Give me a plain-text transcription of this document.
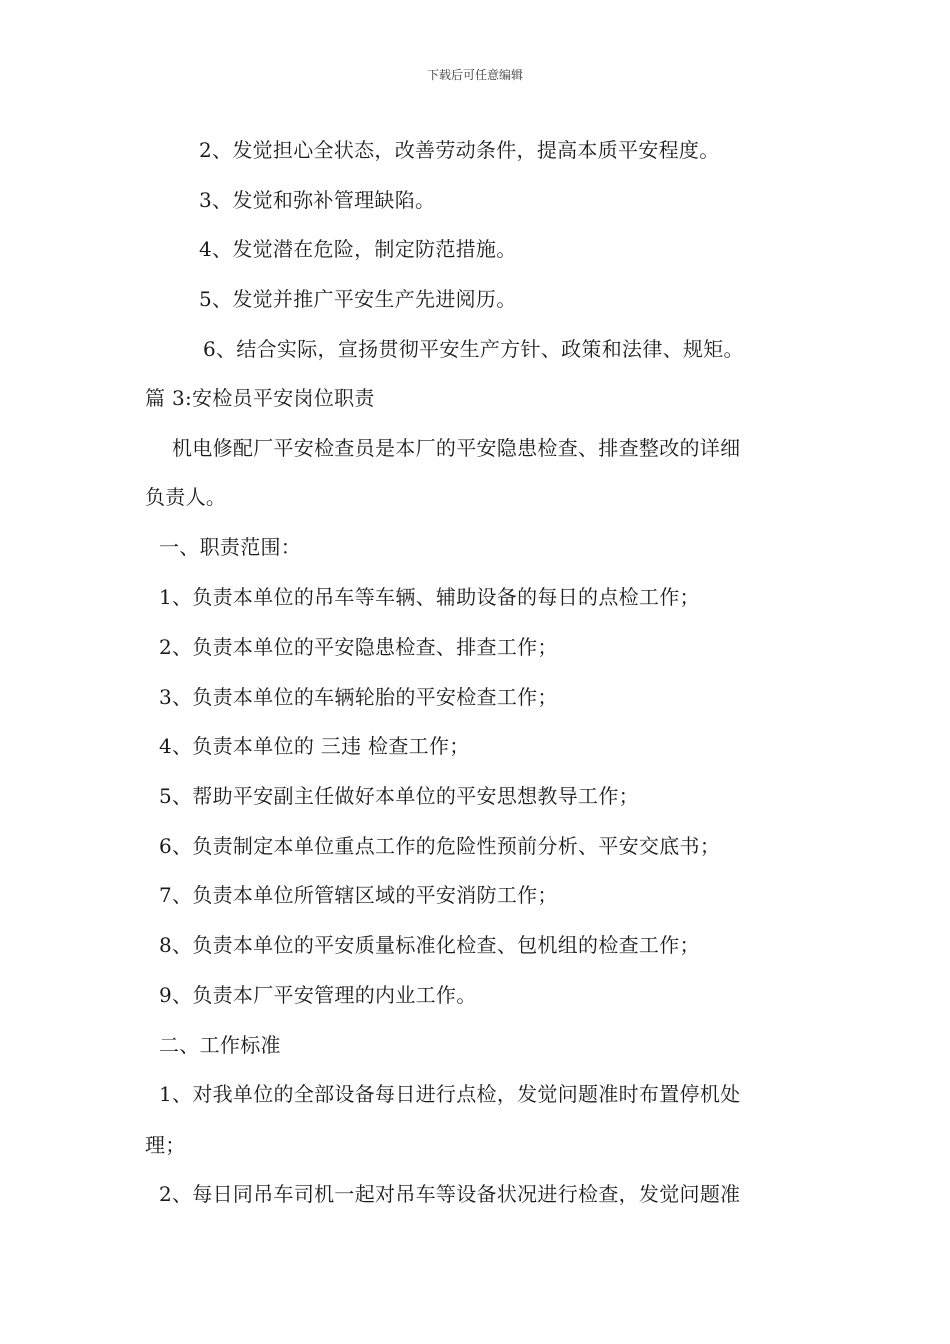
下载后可任意编辑
2、发觉担心全状态，改善劳动条件，提高本质平安程度。
3、发觉和弥补管理缺陷。
4、发觉潜在危险，制定防范措施。
5、发觉并推广平安生产先进阅历。
6、结合实际，宣扬贯彻平安生产方针、政策和法律、规矩。
篇 3:安检员平安岗位职责
机电修配厂平安检查员是本厂的平安隐患检查、排查整改的详细
负责人。
一、职责范围：
1、负责本单位的吊车等车辆、辅助设备的每日的点检工作；
2、负责本单位的平安隐患检查、排查工作；
3、负责本单位的车辆轮胎的平安检查工作；
4、负责本单位的 三违 检查工作；
5、帮助平安副主任做好本单位的平安思想教导工作；
6、负责制定本单位重点工作的危险性预前分析、平安交底书；
7、负责本单位所管辖区域的平安消防工作；
8、负责本单位的平安质量标准化检查、包机组的检查工作；
9、负责本厂平安管理的内业工作。
二、工作标准
1、对我单位的全部设备每日进行点检，发觉问题准时布置停机处
理；
2、每日同吊车司机一起对吊车等设备状况进行检查，发觉问题准
